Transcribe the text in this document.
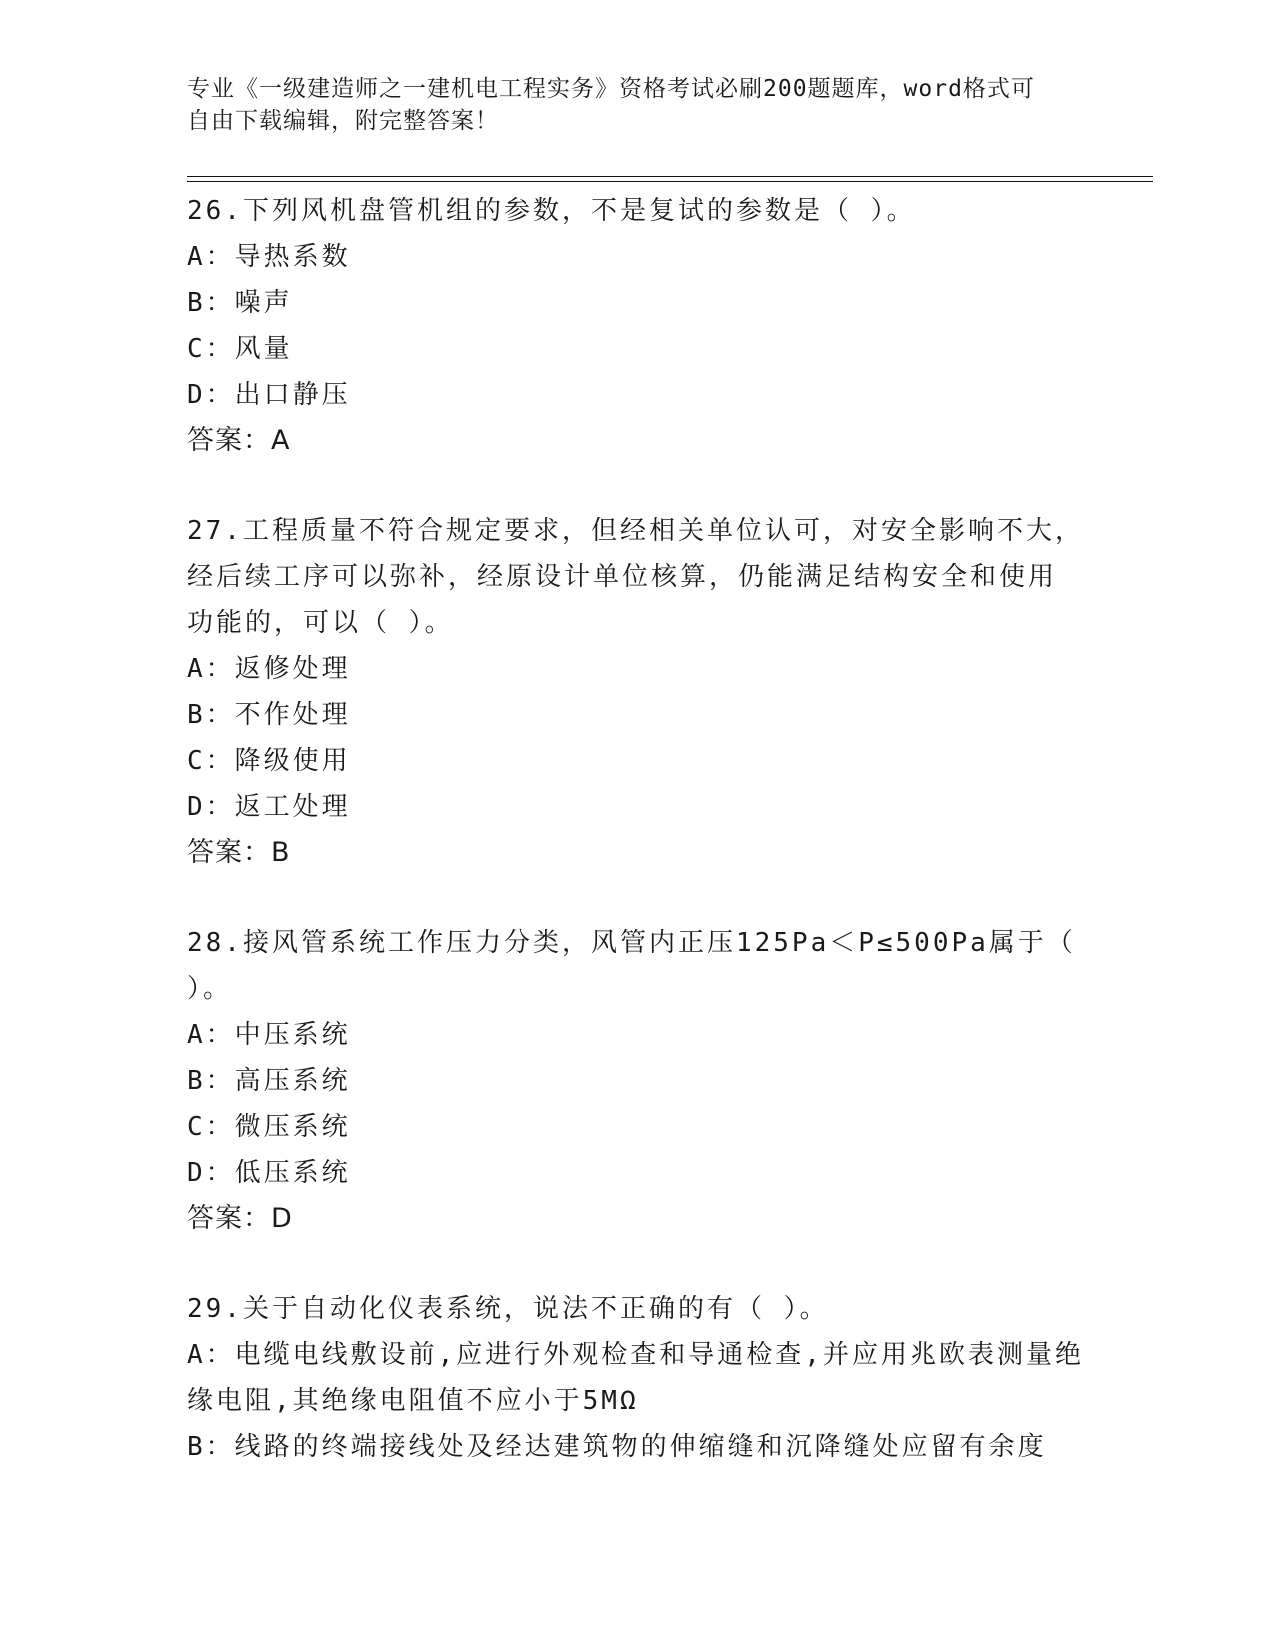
专业《一级建造师之一建机电工程实务》资格考试必刷200题题库，word格式可
自由下载编辑，附完整答案！
26.下列风机盘管机组的参数，不是复试的参数是（ ）。
A：导热系数
B：噪声
C：风量
D：出口静压
答案：A
27.工程质量不符合规定要求，但经相关单位认可，对安全影响不大，
经后续工序可以弥补，经原设计单位核算，仍能满足结构安全和使用
功能的，可以（ ）。
A：返修处理
B：不作处理
C：降级使用
D：返工处理
答案：B
28.接风管系统工作压力分类，风管内正压125Pa＜P≤500Pa属于（
）。
A：中压系统
B：高压系统
C：微压系统
D：低压系统
答案：D
29.关于自动化仪表系统，说法不正确的有（ ）。
A：电缆电线敷设前,应进行外观检查和导通检查,并应用兆欧表测量绝
缘电阻,其绝缘电阻值不应小于5MΩ
B：线路的终端接线处及经达建筑物的伸缩缝和沉降缝处应留有余度
